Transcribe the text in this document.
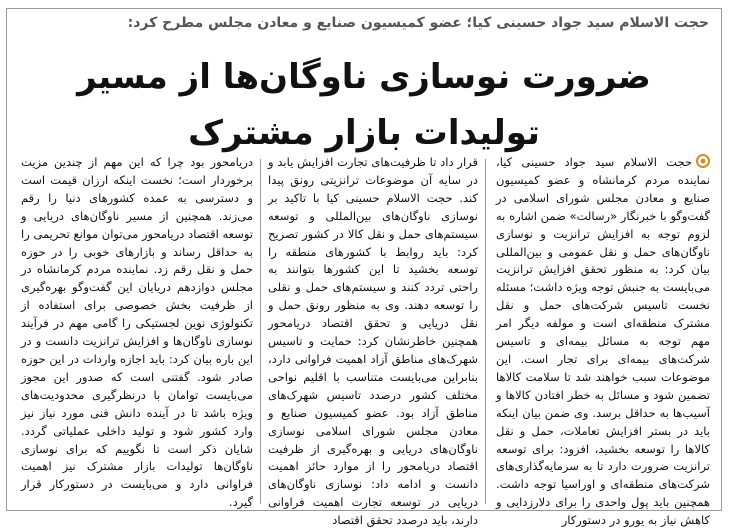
حجت الاسلام سید جواد حسینی کیا؛ عضو کمیسیون صنایع و معادن مجلس مطرح کرد:
ضرورت نوسازی ناوگان‌ها از مسیر
تولیدات بازار مشترک
حجت الاسلام سید جواد حسینی کیا، نماینده مردم کرمانشاه و عضو کمیسیون صنایع و معادن مجلس شورای اسلامی در گفت‌وگو با خبرنگار «رسالت» ضمن اشاره به لزوم توجه به افزایش ترانزیت و نوسازی ناوگان‌های حمل و نقل عمومی و بین‌المللی بیان کرد: به منظور تحقق افزایش ترانزیت می‌بایست به جنبش توجه ویژه داشت؛ مسئله نخست تاسیس شرکت‌های حمل و نقل مشترک منطقه‌ای است و مولفه دیگر امر مهم توجه به مسائل بیمه‌ای و تاسیس شرکت‌های بیمه‌ای برای تجار است. این موضوعات سبب خواهند شد تا سلامت کالاها تضمین شود و مسائل به خطر افتادن کالاها و آسیب‌ها به حداقل برسد. وی ضمن بیان اینکه باید در بستر افزایش تعاملات، حمل و نقل کالاها را توسعه بخشید، افزود: برای توسعه ترانزیت ضرورت دارد تا به سرمایه‌گذاری‌های شرکت‌های منطقه‌ای و اوراسیا توجه داشت. همچنین باید پول واحدی را برای دلارزدایی و کاهش نیاز به یورو در دستورکار
قرار داد تا ظرفیت‌های تجارت افزایش یابد و در سایه آن موضوعات ترانزیتی رونق پیدا کند. حجت الاسلام حسینی کیا با تاکید بر نوسازی ناوگان‌های بین‌المللی و توسعه سیستم‌های حمل و نقل کالا در کشور تصریح کرد: باید روابط با کشورهای منطقه را توسعه بخشید تا این کشورها بتوانند به راحتی تردد کنند و سیستم‌های حمل و نقلی را توسعه دهند. وی به منظور رونق حمل و نقل دریایی و تحقق اقتصاد دریامحور همچنین خاطرنشان کرد: حمایت و تاسیس شهرک‌های مناطق آزاد اهمیت فراوانی دارد، بنابراین می‌بایست متناسب با اقلیم نواحی مختلف کشور درصدد تاسیس شهرک‌های مناطق آزاد بود. عضو کمیسیون صنایع و معادن مجلس شورای اسلامی نوسازی ناوگان‌های دریایی و بهره‌گیری از ظرفیت اقتصاد دریامحور را از موارد حائز اهمیت دانست و ادامه داد: نوسازی ناوگان‌های دریایی در توسعه تجارت اهمیت فراوانی دارند، باید درصدد تحقق اقتصاد
دریامحور بود چرا که این مهم از چندین مزیت برخوردار است؛ نخست اینکه ارزان قیمت است و دسترسی به عمده کشورهای دنیا را رقم می‌زند. همچنین از مسیر ناوگان‌های دریایی و توسعه اقتصاد دریامحور می‌توان موانع تحریمی را به حداقل رساند و بازارهای خوبی را در حوزه حمل و نقل رقم زد. نماینده مردم کرمانشاه در مجلس دوازدهم دریایان این گفت‌وگو بهره‌گیری از ظرفیت بخش خصوصی برای استفاده از تکنولوژی نوین لجستیکی را گامی مهم در فرآیند نوسازی ناوگان‌ها و افزایش ترانزیت دانست و در این باره بیان کرد: باید اجازه واردات در این حوزه صادر شود. گفتنی است که صدور این مجوز می‌بایست توامان با درنظرگیری محدودیت‌های ویژه باشد تا در آینده دانش فنی مورد نیاز نیز وارد کشور شود و تولید داخلی عملیاتی گردد. شایان ذکر است تا نگوییم که برای نوسازی ناوگان‌ها تولیدات بازار مشترک نیز اهمیت فراوانی دارد و می‌بایست در دستورکار قرار گیرد.
